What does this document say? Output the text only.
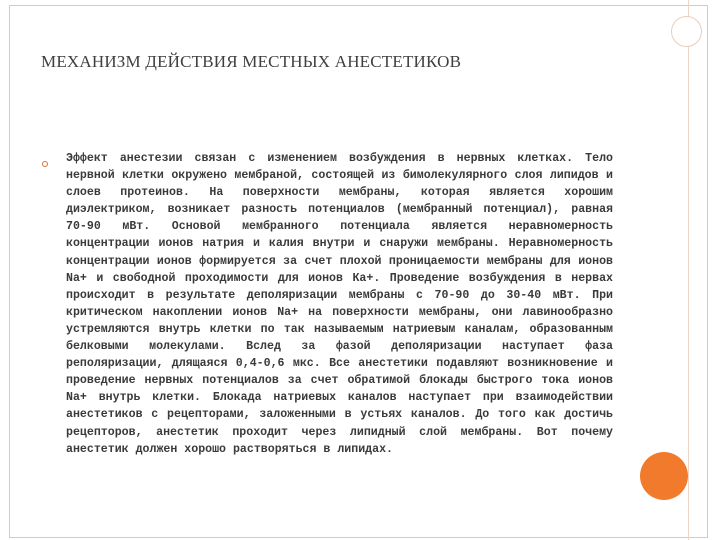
МЕХАНИЗМ ДЕЙСТВИЯ МЕСТНЫХ АНЕСТЕТИКОВ

Эффект анестезии связан с изменением возбуждения в нервных клетках. Тело нервной клетки окружено мембраной, состоящей из бимолекулярного слоя липидов и слоев протеинов. На поверхности мембраны, которая является хорошим диэлектриком, возникает разность потенциалов (мембранный потенциал), равная 70-90 мВт. Основой мембранного потенциала является неравномерность концентрации ионов натрия и калия внутри и снаружи мембраны. Неравномерность концентрации ионов формируется за счет плохой проницаемости мембраны для ионов Na+ и свободной проходимости для ионов Ка+. Проведение возбуждения в нервах происходит в результате деполяризации мембраны с 70-90 до 30-40 мВт. При критическом накоплении ионов Na+ на поверхности мембраны, они лавинообразно устремляются внутрь клетки по так называемым натриевым каналам, образованным белковыми молекулами. Вслед за фазой деполяризации наступает фаза реполяризации, длящаяся 0,4-0,6 мкс. Все анестетики подавляют возникновение и проведение нервных потенциалов за счет обратимой блокады быстрого тока ионов Na+ внутрь клетки. Блокада натриевых каналов наступает при взаимодействии анестетиков с рецепторами, заложенными в устьях каналов. До того как достичь рецепторов, анестетик проходит через липидный слой мембраны. Вот почему анестетик должен хорошо растворяться в липидах.
